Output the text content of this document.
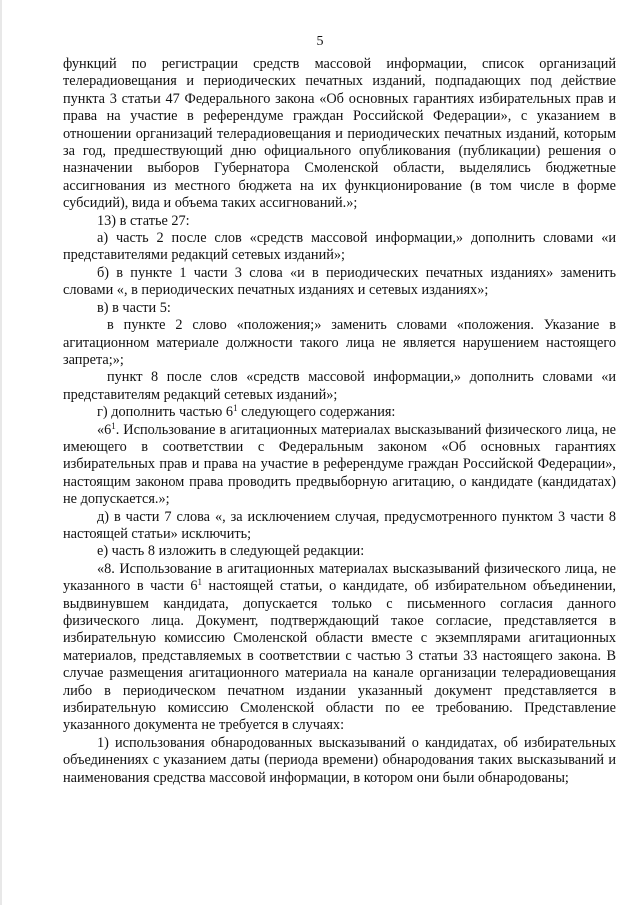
5

функций по регистрации средств массовой информации, список организаций телерадиовещания и периодических печатных изданий, подпадающих под действие пункта 3 статьи 47 Федерального закона «Об основных гарантиях избирательных прав и права на участие в референдуме граждан Российской Федерации», с указанием в отношении организаций телерадиовещания и периодических печатных изданий, которым за год, предшествующий дню официального опубликования (публикации) решения о назначении выборов Губернатора Смоленской области, выделялись бюджетные ассигнования из местного бюджета на их функционирование (в том числе в форме субсидий), вида и объема таких ассигнований.»;

13) в статье 27:

а) часть 2 после слов «средств массовой информации,» дополнить словами «и представителями редакций сетевых изданий»;

б) в пункте 1 части 3 слова «и в периодических печатных изданиях» заменить словами «, в периодических печатных изданиях и сетевых изданиях»;

в) в части 5:

в пункте 2 слово «положения;» заменить словами «положения. Указание в агитационном материале должности такого лица не является нарушением настоящего запрета;»;

пункт 8 после слов «средств массовой информации,» дополнить словами «и представителям редакций сетевых изданий»;

г) дополнить частью $6^1$ следующего содержания:

«$6^1$. Использование в агитационных материалах высказываний физического лица, не имеющего в соответствии с Федеральным законом «Об основных гарантиях избирательных прав и права на участие в референдуме граждан Российской Федерации», настоящим законом права проводить предвыборную агитацию, о кандидате (кандидатах) не допускается.»;

д) в части 7 слова «, за исключением случая, предусмотренного пунктом 3 части 8 настоящей статьи» исключить;

е) часть 8 изложить в следующей редакции:

«8. Использование в агитационных материалах высказываний физического лица, не указанного в части $6^1$ настоящей статьи, о кандидате, об избирательном объединении, выдвинувшем кандидата, допускается только с письменного согласия данного физического лица. Документ, подтверждающий такое согласие, представляется в избирательную комиссию Смоленской области вместе с экземплярами агитационных материалов, представляемых в соответствии с частью 3 статьи 33 настоящего закона. В случае размещения агитационного материала на канале организации телерадиовещания либо в периодическом печатном издании указанный документ представляется в избирательную комиссию Смоленской области по ее требованию. Представление указанного документа не требуется в случаях:

1) использования обнародованных высказываний о кандидатах, об избирательных объединениях с указанием даты (периода времени) обнародования таких высказываний и наименования средства массовой информации, в котором они были обнародованы;
